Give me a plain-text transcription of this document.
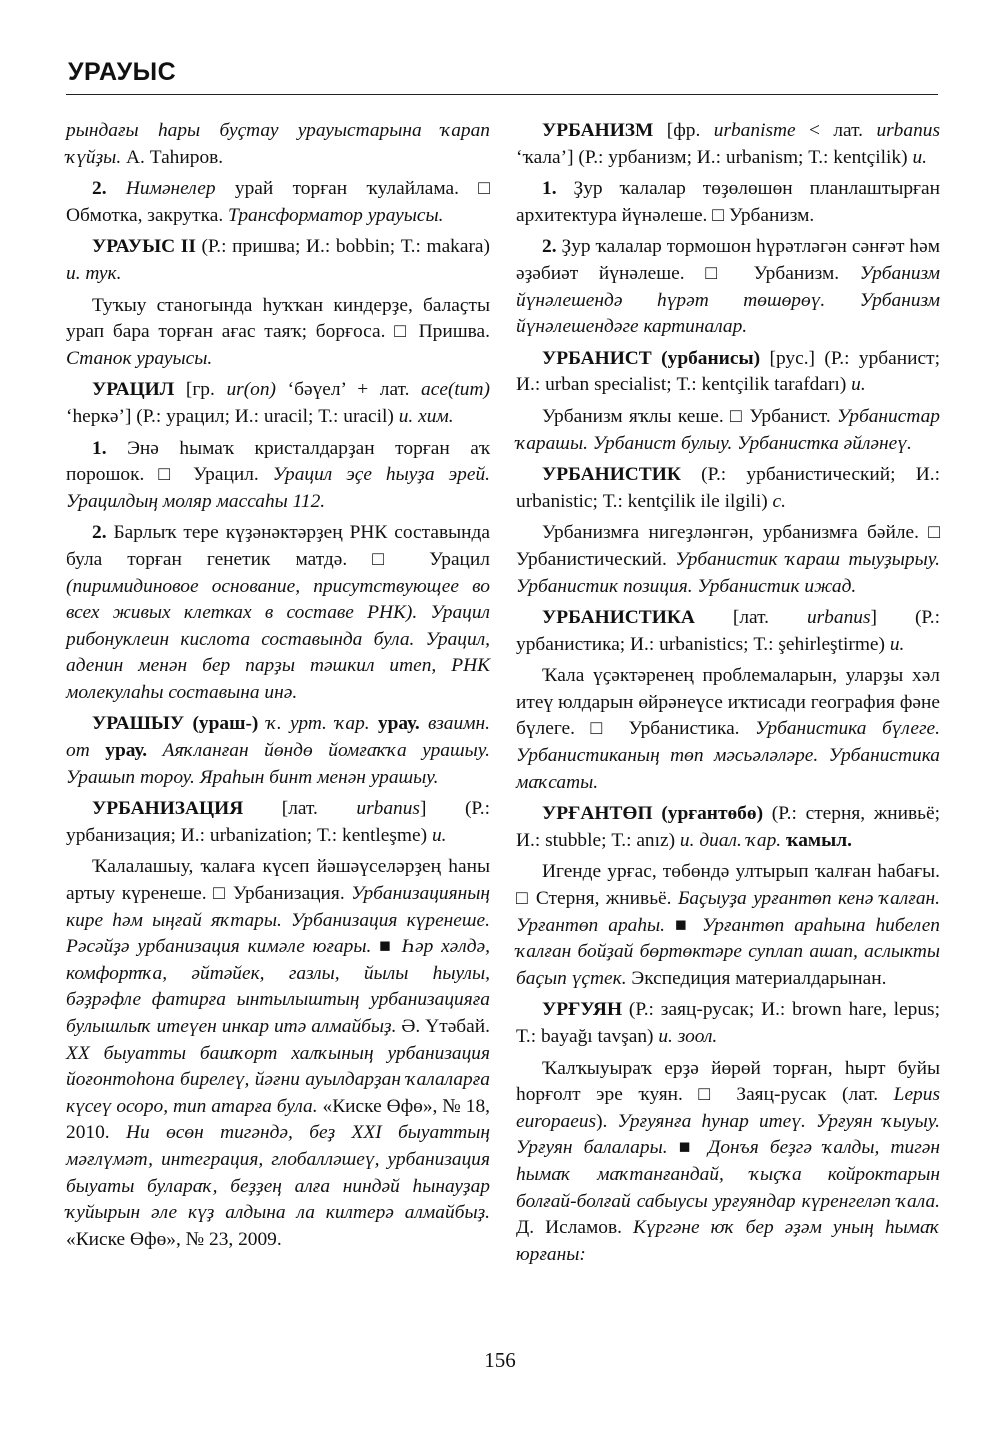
УРАУЫС

рындағы һары буҫтау урауыстарына ҡарап ҡүйҙы. А. Таһиров.

2. Нимәнелер урай торған ҡулайлама. □ Обмотка, закрутка. Трансформатор урауысы.

УРАУЫС II (Р.: пришва; И.: bobbin; Т.: makara) и. тук.

Туҡыу станогында һуҡҡан киндерҙе, балаҫты урап бара торған ағас таяҡ; борғоса. □ Пришва. Станок урауысы.

УРАЦИЛ [гр. ur(on) ‘бәүел’ + лат. ace(tum) ‘һеркә’] (Р.: урацил; И.: uracil; Т.: uracil) и. хим.

1. Энә һымаҡ кристалдарҙан торған аҡ порошок. □ Урацил. Урацил эҫе һыуҙа эрей. Урацилдың моляр массаһы 112.

2. Барлыҡ тере күҙәнәктәрҙең РНК составында була торған генетик матдә. □ Урацил (пиримидиновое основание, присутствующее во всех живых клетках в составе РНК). Урацил рибонуклеин кислота составында була. Урацил, аденин менән бер парҙы тәшкил итеп, РНК молекулаһы составына инә.

УРАШЫУ (ураш-) ҡ. урт. ҡар. урау. взаимн. от урау. Аяҡланған йөндө йомғаҡҡа урашыу. Урашып тороу. Яраһын бинт менән урашыу.

УРБАНИЗАЦИЯ [лат. urbanus] (Р.: урбанизация; И.: urbanization; Т.: kentleşme) и.

Ҡалалашыу, ҡалаға күсеп йәшәүселәрҙең һаны артыу күренеше. □ Урбанизация. Урбанизацияның кире һәм ыңғай яҡтары. Урбанизация күренеше. Рәсәйҙә урбанизация кимәле юғары. ■ Һәр хәлдә, комфортҡа, әйтәйек, газлы, йылы һыулы, бәҙрәфле фатирға ынтылыштың урбанизацияға булышлыҡ итеүен инкар итә алмайбыҙ. Ә. Үтәбай. XX быуатты башҡорт халҡының урбанизация йоғонтоһона бирелеү, йәғни ауылдарҙан ҡалаларға күсеү осоро, тип атарға була. «Киске Өфө», № 18, 2010. Ни өсөн тигәндә, беҙ XXI быуаттың мәғлүмәт, интеграция, глобалләшеү, урбанизация быуаты булараҡ, беҙҙең алға ниндәй һынауҙар ҡуйырын әле күҙ алдына ла килтерә алмайбыҙ. «Киске Өфө», № 23, 2009.

УРБАНИЗМ [фр. urbanisme < лат. urbanus ‘ҡала’] (Р.: урбанизм; И.: urbanism; Т.: kentçilik) и.

1. Ҙур ҡалалар төҙөлөшөн планлаштырған архитектура йүнәлеше. □ Урбанизм.

2. Ҙур ҡалалар тормошон һүрәтләгән сәнғәт һәм әҙәбиәт йүнәлеше. □ Урбанизм. Урбанизм йүнәлешендә һүрәт төшөрөү. Урбанизм йүнәлешендәге картиналар.

УРБАНИСТ (урбанисы) [рус.] (Р.: урбанист; И.: urban specialist; Т.: kentçilik tarafdarı) и.

Урбанизм яҡлы кеше. □ Урбанист. Урбанистар ҡарашы. Урбанист булыу. Урбанистка әйләнеү.

УРБАНИСТИК (Р.: урбанистический; И.: urbanistic; Т.: kentçilik ile ilgili) с.

Урбанизмға нигеҙләнгән, урбанизмға бәйле. □ Урбанистический. Урбанистик ҡараш тыуҙырыу. Урбанистик позиция. Урбанистик ижад.

УРБАНИСТИКА [лат. urbanus] (Р.: урбанистика; И.: urbanistics; Т.: şehirleştirme) и.

Ҡала үҫәктәренең проблемаларын, уларҙы хәл итеү юлдарын өйрәнеүсе иҡтисади география фәне бүлеге. □ Урбанистика. Урбанистика бүлеге. Урбанистиканың төп мәсьәләләре. Урбанистика маҡсаты.

УРҒАНТӨП (урғантөбө) (Р.: стерня, жнивьё; И.: stubble; Т.: anız) и. диал. ҡар. ҡамыл.

Игенде урғас, төбөндә ултырып ҡалған һабағы. □ Стерня, жнивьё. Баҫыуҙа урғантөп кенә ҡалған. Урғантөп араһы. ■ Урғантөп араһына һибелеп ҡалған бойҙай бөртөктәре суплап ашап, аслыкты баҫып үҫтек. Экспедиция материалдарынан.

УРҒУЯН (Р.: заяц-русак; И.: brown hare, lepus; Т.: bayağı tavşan) и. зоол.

Ҡалҡыуыраҡ ерҙә йөрөй торған, һырт буйы һорғолт эре ҡуян. □ Заяц-русак (лат. Lepus europaeus). Урғуянға һунар итеү. Урғуян ҡыуыу. Урғуян балалары. ■ Донъя беҙгә ҡалды, тигән һымаҡ маҡтанғандай, ҡыҫҡа койроктарын болғай-болғай сабыусы урғуяндар күренгеләп ҡала. Д. Исламов. Күргәне юҡ бер әҙәм уның һымаҡ юрғаны:

156
